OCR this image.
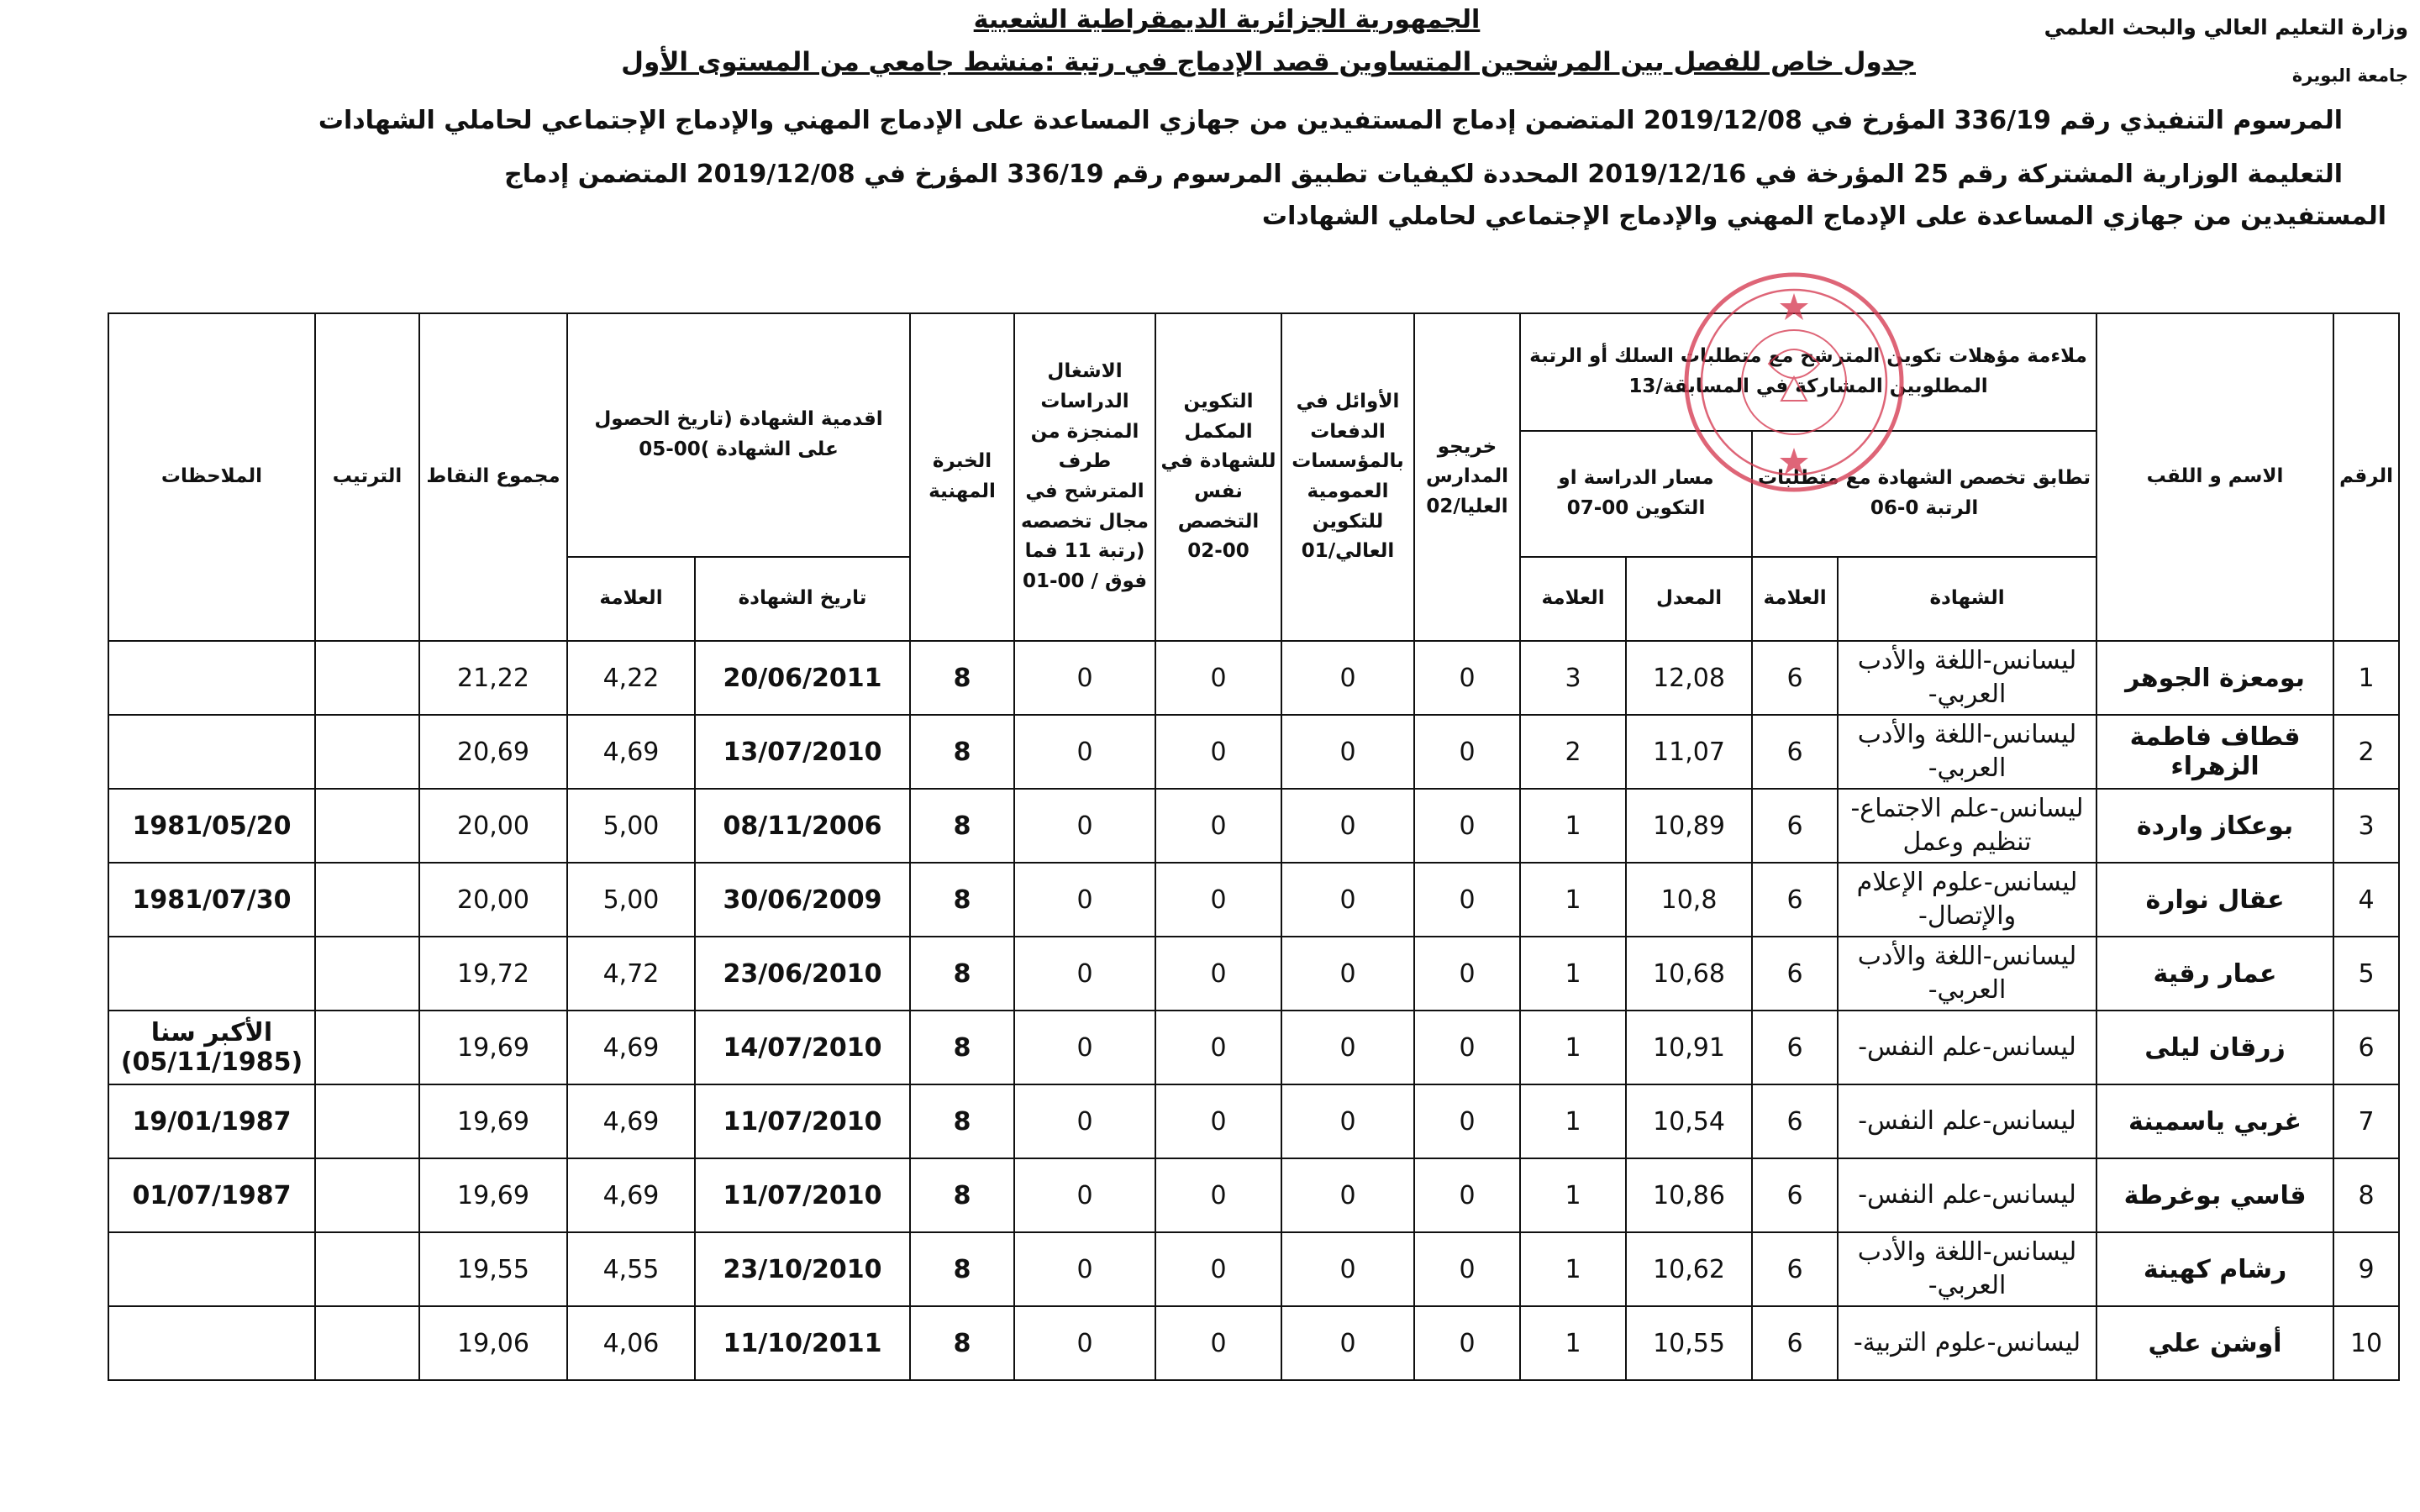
الجمهورية الجزائرية الديمقراطية الشعبية	وزارة التعليم العالي والبحث العلمي
جامعة البويرة
جدول خاص للفصل بين المرشحين المتساوين قصد الإدماج في رتبة :منشط جامعي من المستوى الأول
المرسوم التنفيذي رقم 336/19 المؤرخ في 2019/12/08 المتضمن إدماج المستفيدين من جهازي المساعدة على الإدماج المهني والإدماج الإجتماعي لحاملي الشهادات
التعليمة الوزارية المشتركة رقم 25 المؤرخة في 2019/12/16 المحددة لكيفيات تطبيق المرسوم رقم 336/19 المؤرخ في 2019/12/08 المتضمن إدماج
المستفيدين من جهازي المساعدة على الإدماج المهني والإدماج الإجتماعي لحاملي الشهادات
الرقم	الاسم و اللقب	ملاءمة مؤهلات تكوين المترشح مع متطلبات السلك أو الرتبة المطلوبين المشاركة في المسابقة/13				خريجو المدارس العليا/02	الأوائل في الدفعات بالمؤسسات العمومية للتكوين العالي/01	التكوين المكمل للشهادة في نفس التخصص 00-02	الاشغال الدراسات المنجزة من طرف المترشح في مجال تخصصه (رتبة 11 فما فوق / 00-01	الخبرة المهنية	اقدمية الشهادة (تاريخ الحصول على الشهادة )00-05		مجموع النقاط	الترتيب	الملاحظات
		تطابق تخصص الشهادة مع متطلبات الرتبة 0-06		مسار الدراسة او التكوين 00-07											
		الشهادة	العلامة	المعدل	العلامة						تاريخ الشهادة	العلامة			
1	بومعزة الجوهر	ليسانس-اللغة والأدب العربي-	6	12,08	3	0	0	0	0	8	20/06/2011	4,22	21,22		
2	قطاف فاطمة الزهراء	ليسانس-اللغة والأدب العربي-	6	11,07	2	0	0	0	0	8	13/07/2010	4,69	20,69		
3	بوعكاز واردة	ليسانس-علم الاجتماع-تنظيم وعمل	6	10,89	1	0	0	0	0	8	08/11/2006	5,00	20,00		1981/05/20
4	عقال نوارة	ليسانس-علوم الإعلام والإتصال-	6	10,8	1	0	0	0	0	8	30/06/2009	5,00	20,00		1981/07/30
5	عمار رقية	ليسانس-اللغة والأدب العربي-	6	10,68	1	0	0	0	0	8	23/06/2010	4,72	19,72		
6	زرقان ليلى	ليسانس-علم النفس-	6	10,91	1	0	0	0	0	8	14/07/2010	4,69	19,69		الأكبر سنا (05/11/1985)
7	غربي ياسمينة	ليسانس-علم النفس-	6	10,54	1	0	0	0	0	8	11/07/2010	4,69	19,69		19/01/1987
8	قاسي بوغرطة	ليسانس-علم النفس-	6	10,86	1	0	0	0	0	8	11/07/2010	4,69	19,69		01/07/1987
9	رشام كهينة	ليسانس-اللغة والأدب العربي-	6	10,62	1	0	0	0	0	8	23/10/2010	4,55	19,55		
10	أوشن علي	ليسانس-علوم التربية-	6	10,55	1	0	0	0	0	8	11/10/2011	4,06	19,06		
